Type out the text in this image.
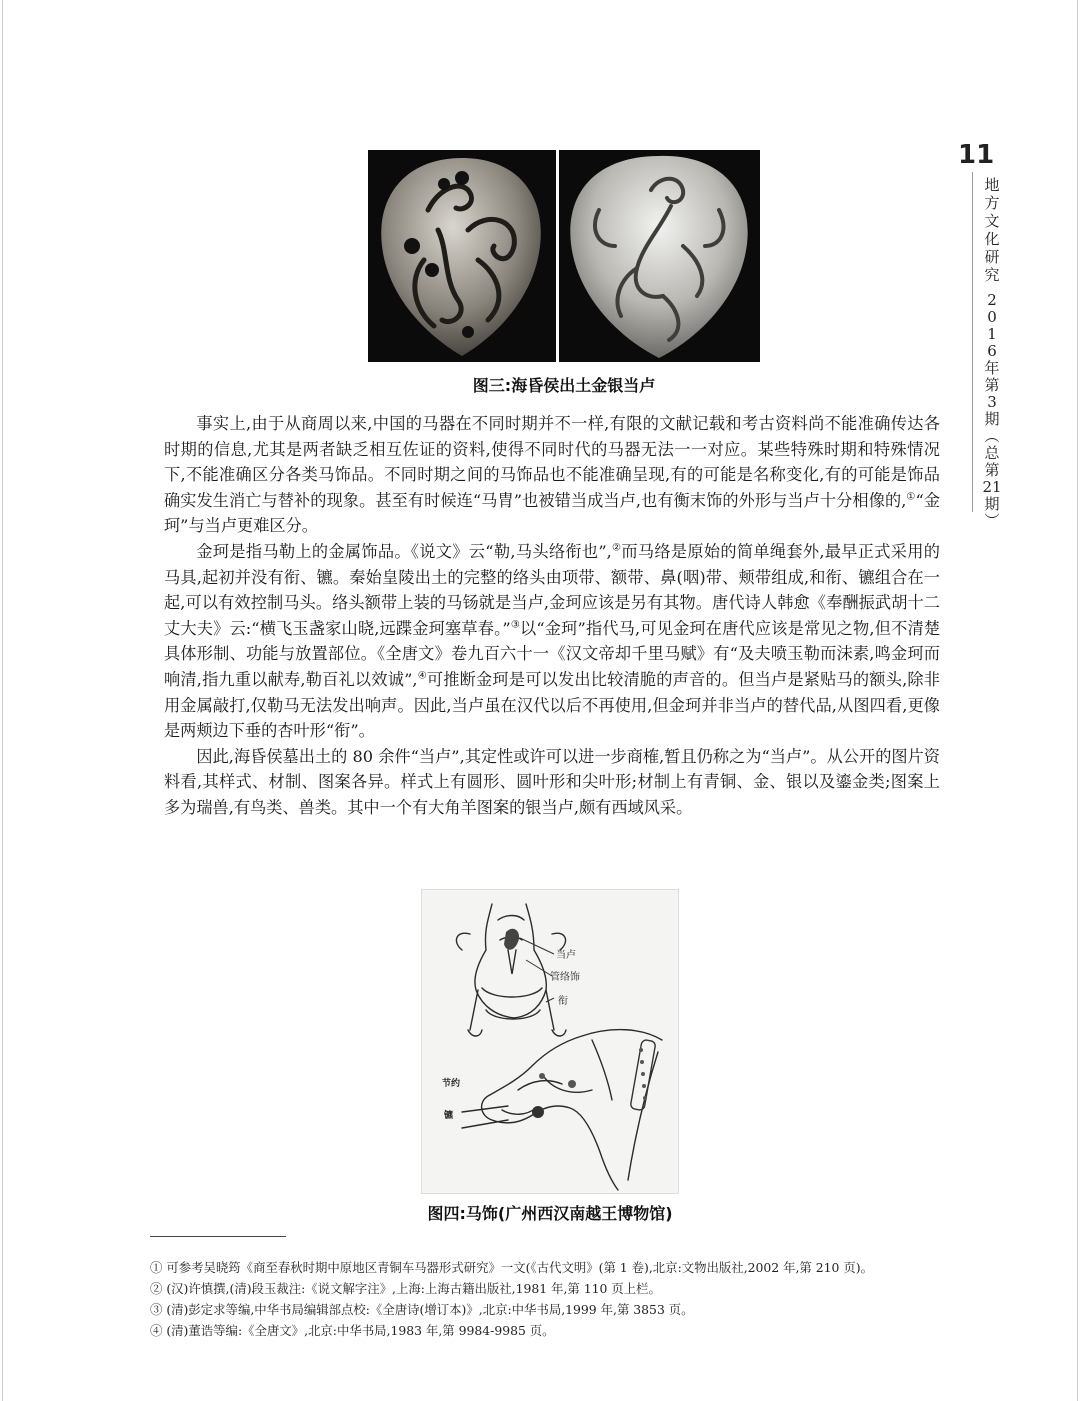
11
地
方
文
化
研
究
2
0
1
6
年
第
3
期
︵
总
第
21
期
︶
图三:海昏侯出土金银当卢

事实上,由于从商周以来,中国的马器在不同时期并不一样,有限的文献记载和考古资料尚不能准确传达各时期的信息,尤其是两者缺乏相互佐证的资料,使得不同时代的马器无法一一对应。某些特殊时期和特殊情况下,不能准确区分各类马饰品。不同时期之间的马饰品也不能准确呈现,有的可能是名称变化,有的可能是饰品确实发生消亡与替补的现象。甚至有时候连“马胄”也被错当成当卢,也有衡末饰的外形与当卢十分相像的,①“金珂”与当卢更难区分。

金珂是指马勒上的金属饰品。《说文》云“勒,马头络衔也”,②而马络是原始的简单绳套外,最早正式采用的马具,起初并没有衔、镳。秦始皇陵出土的完整的络头由项带、额带、鼻(咽)带、颊带组成,和衔、镳组合在一起,可以有效控制马头。络头额带上装的马钖就是当卢,金珂应该是另有其物。唐代诗人韩愈《奉酬振武胡十二丈大夫》云:“横飞玉盏家山晓,远蹀金珂塞草春。”③以“金珂”指代马,可见金珂在唐代应该是常见之物,但不清楚具体形制、功能与放置部位。《全唐文》卷九百六十一《汉文帝却千里马赋》有“及夫喷玉勒而沫素,鸣金珂而响清,指九重以献寿,勒百礼以效诚”,④可推断金珂是可以发出比较清脆的声音的。但当卢是紧贴马的额头,除非用金属敲打,仅勒马无法发出响声。因此,当卢虽在汉代以后不再使用,但金珂并非当卢的替代品,从图四看,更像是两颊边下垂的杏叶形“衔”。

因此,海昏侯墓出土的 80 余件“当卢”,其定性或许可以进一步商榷,暂且仍称之为“当卢”。从公开的图片资料看,其样式、材制、图案各异。样式上有圆形、圆叶形和尖叶形;材制上有青铜、金、银以及鎏金类;图案上多为瑞兽,有鸟类、兽类。其中一个有大角羊图案的银当卢,颇有西域风采。

当卢
管络饰
衔
节约
镳
图四:马饰(广州西汉南越王博物馆)
① 可参考吴晓筠《商至春秋时期中原地区青铜车马器形式研究》一文(《古代文明》(第 1 卷),北京:文物出版社,2002 年,第 210 页)。
② (汉)许慎撰,(清)段玉裁注:《说文解字注》,上海:上海古籍出版社,1981 年,第 110 页上栏。
③ (清)彭定求等编,中华书局编辑部点校:《全唐诗(增订本)》,北京:中华书局,1999 年,第 3853 页。
④ (清)董诰等编:《全唐文》,北京:中华书局,1983 年,第 9984-9985 页。
